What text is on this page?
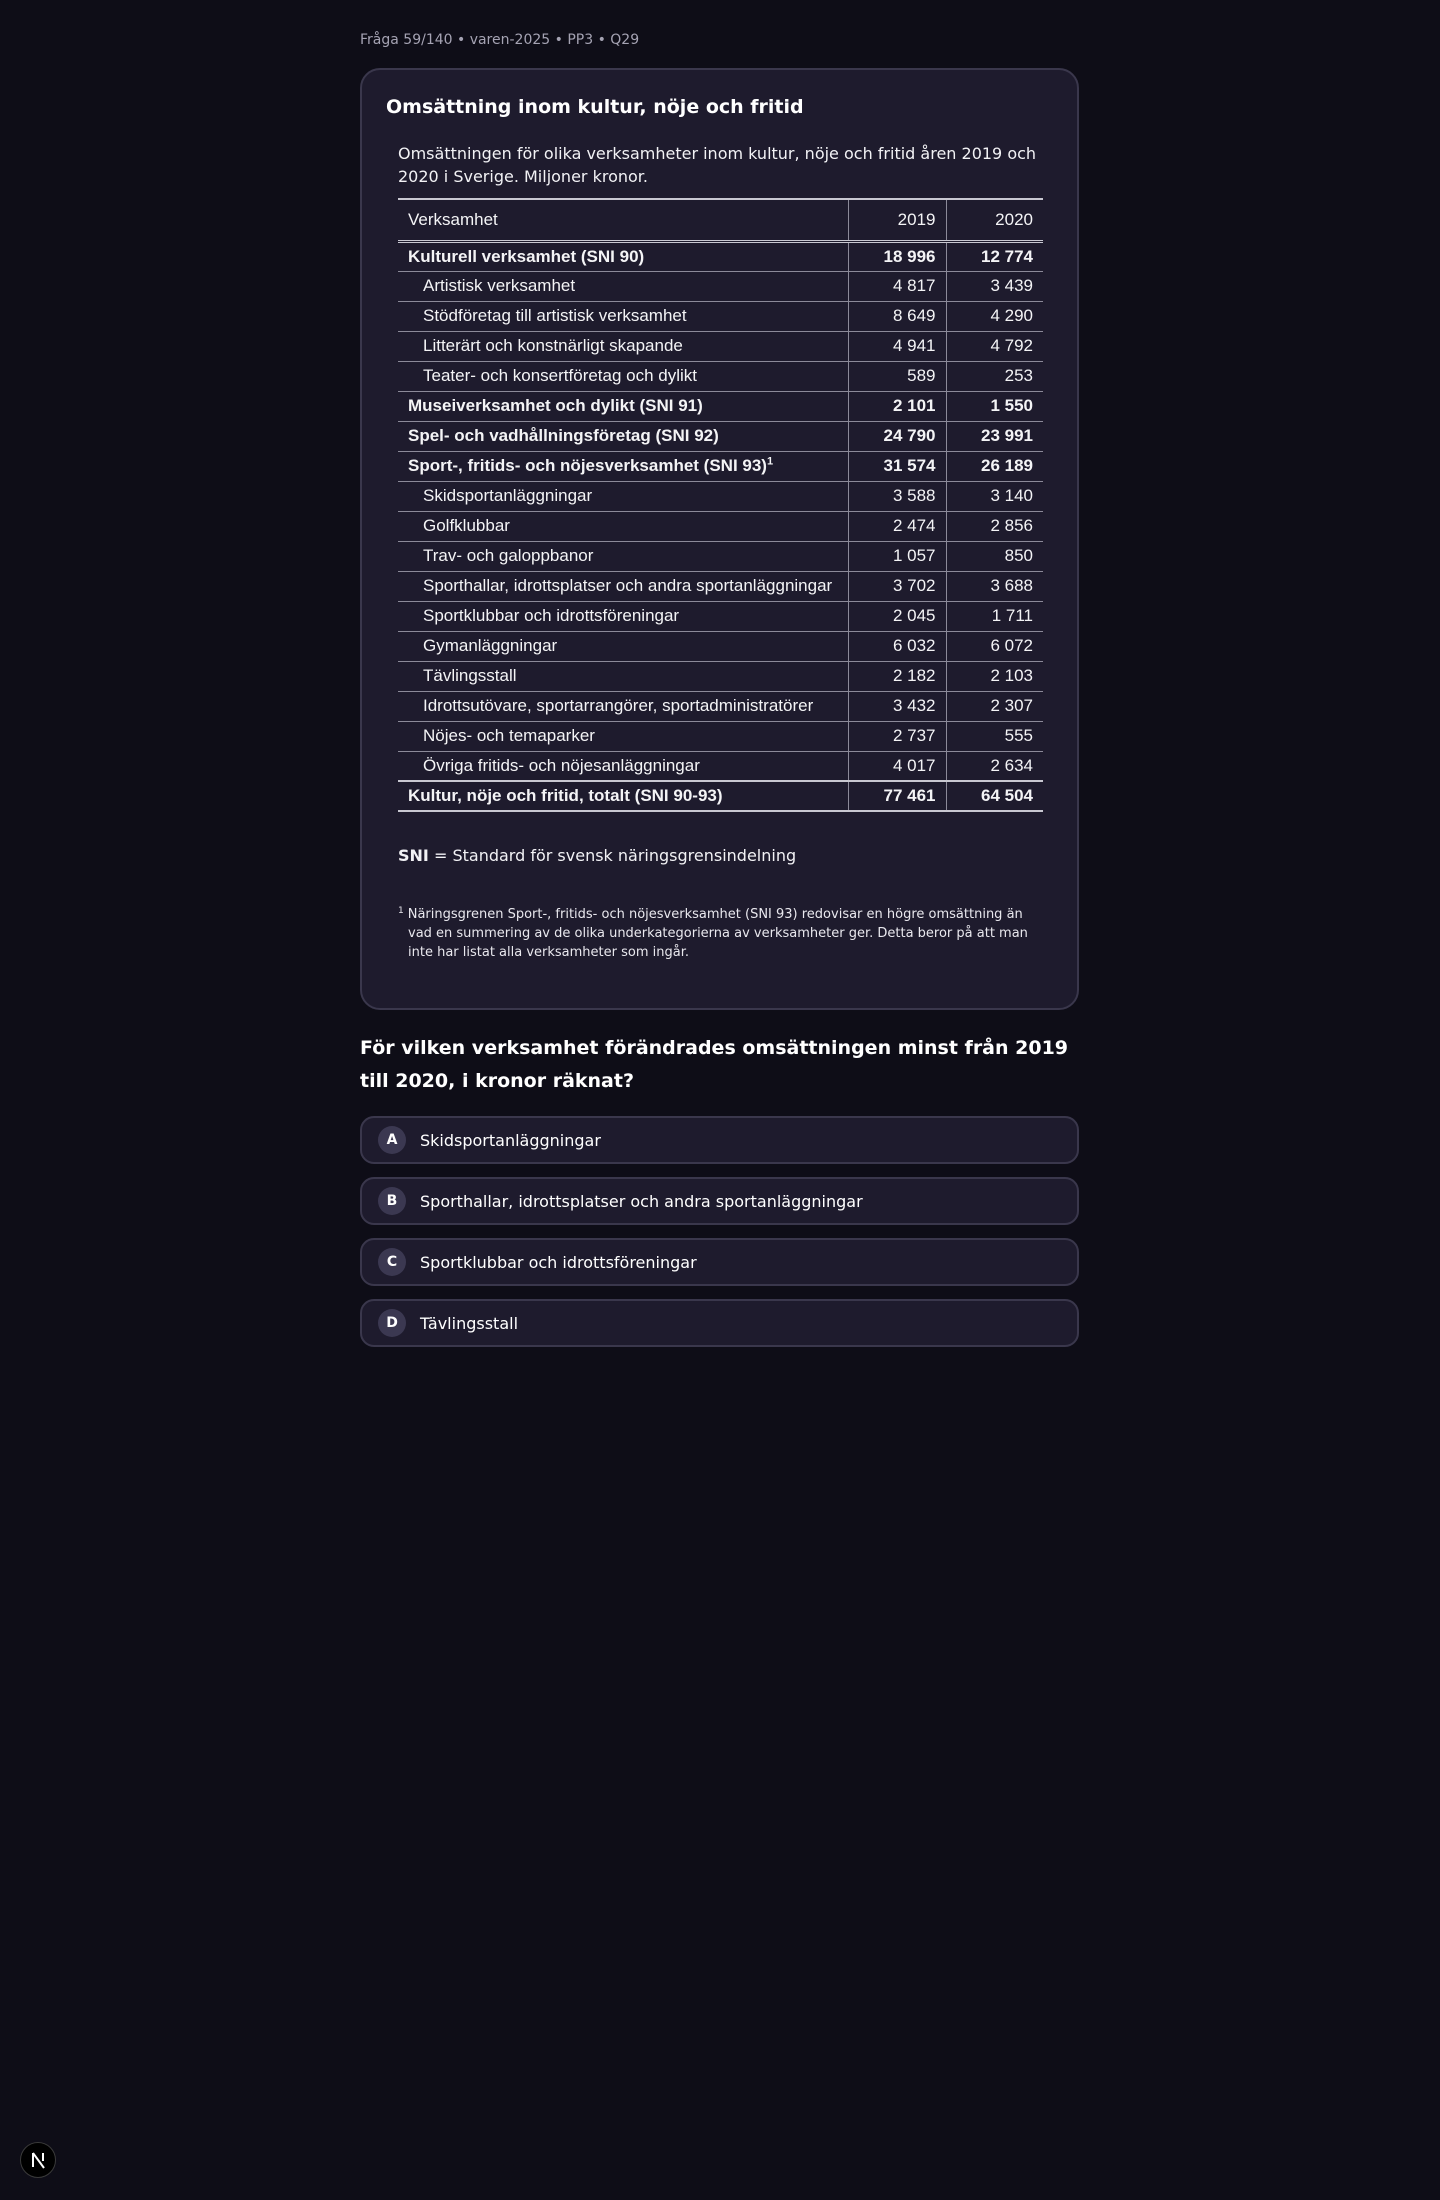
Fråga 59/140 • varen-2025 • PP3 • Q29
Omsättning inom kultur, nöje och fritid
Omsättningen för olika verksamheter inom kultur, nöje och fritid åren 2019 och 2020 i Sverige. Miljoner kronor.
Verksamhet	2019	2020
Kulturell verksamhet (SNI 90)	18 996	12 774
Artistisk verksamhet	4 817	3 439
Stödföretag till artistisk verksamhet	8 649	4 290
Litterärt och konstnärligt skapande	4 941	4 792
Teater- och konsertföretag och dylikt	589	253
Museiverksamhet och dylikt (SNI 91)	2 101	1 550
Spel- och vadhållningsföretag (SNI 92)	24 790	23 991
Sport-, fritids- och nöjesverksamhet (SNI 93)$^1$	31 574	26 189
Skidsportanläggningar	3 588	3 140
Golfklubbar	2 474	2 856
Trav- och galoppbanor	1 057	850
Sporthallar, idrottsplatser och andra sportanläggningar	3 702	3 688
Sportklubbar och idrottsföreningar	2 045	1 711
Gymanläggningar	6 032	6 072
Tävlingsstall	2 182	2 103
Idrottsutövare, sportarrangörer, sportadministratörer	3 432	2 307
Nöjes- och temaparker	2 737	555
Övriga fritids- och nöjesanläggningar	4 017	2 634
Kultur, nöje och fritid, totalt (SNI 90-93)	77 461	64 504
SNI = Standard för svensk näringsgrensindelning
$^1$ Näringsgrenen Sport-, fritids- och nöjesverksamhet (SNI 93) redovisar en högre omsättning än vad en summering av de olika underkategorierna av verksamheter ger. Detta beror på att man inte har listat alla verksamheter som ingår.
För vilken verksamhet förändrades omsättningen minst från 2019 till 2020, i kronor räknat?
A	Skidsportanläggningar
B	Sporthallar, idrottsplatser och andra sportanläggningar
C	Sportklubbar och idrottsföreningar
D	Tävlingsstall
